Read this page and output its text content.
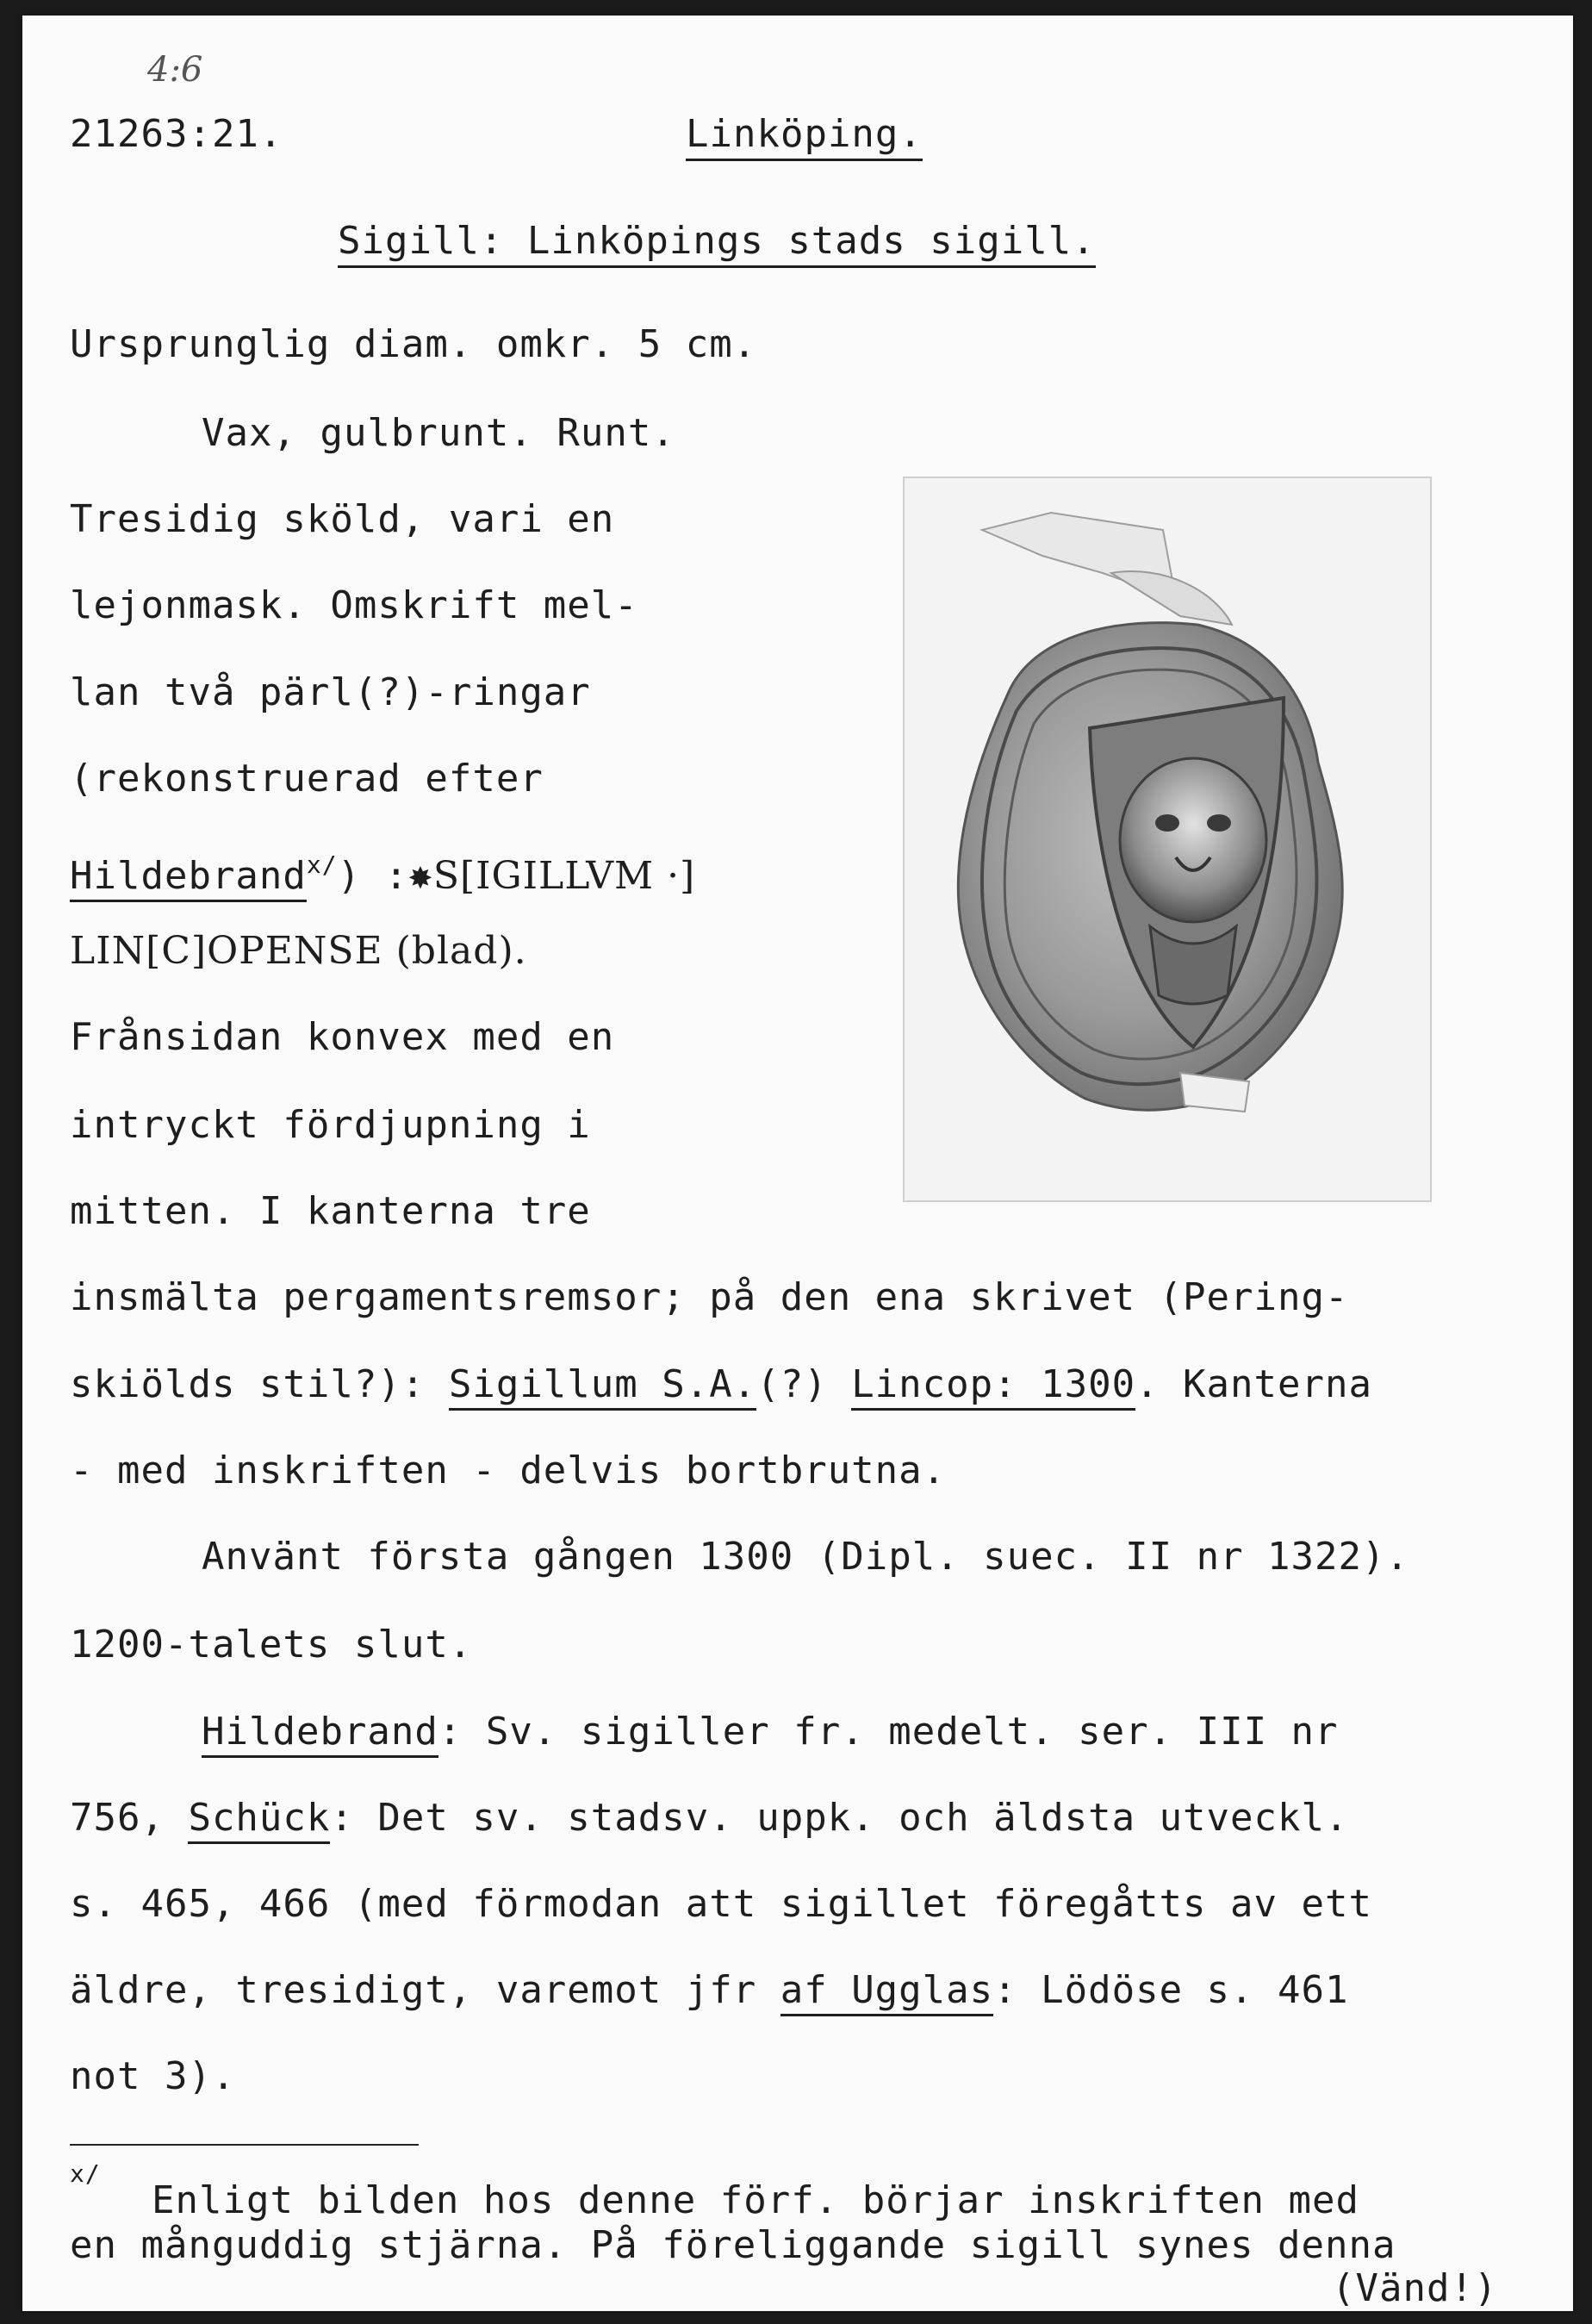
4:6
21263:21.	Linköping.
Sigill: Linköpings stads sigill.
Ursprunglig diam. omkr. 5 cm.
Vax, gulbrunt. Runt.
Tresidig sköld, vari en
lejonmask. Omskrift mel-
lan två pärl(?)-ringar
(rekonstruerad efter
Hildebrand$^{x/}$) :✸S[IGILLVM ·]
LIN[C]OPENSE (blad).
Frånsidan konvex med en
intryckt fördjupning i
mitten. I kanterna tre
insmälta pergamentsremsor; på den ena skrivet (Pering-
skiölds stil?): Sigillum S.A.(?) Lincop: 1300. Kanterna
- med inskriften - delvis bortbrutna.
Använt första gången 1300 (Dipl. suec. II nr 1322).
1200-talets slut.
Hildebrand: Sv. sigiller fr. medelt. ser. III nr
756, Schück: Det sv. stadsv. uppk. och äldsta utveckl.
s. 465, 466 (med förmodan att sigillet föregåtts av ett
äldre, tresidigt, varemot jfr af Ugglas: Lödöse s. 461
not 3).
x/
Enligt bilden hos denne förf. börjar inskriften med
en månguddig stjärna. På föreliggande sigill synes denna
(Vänd!)
